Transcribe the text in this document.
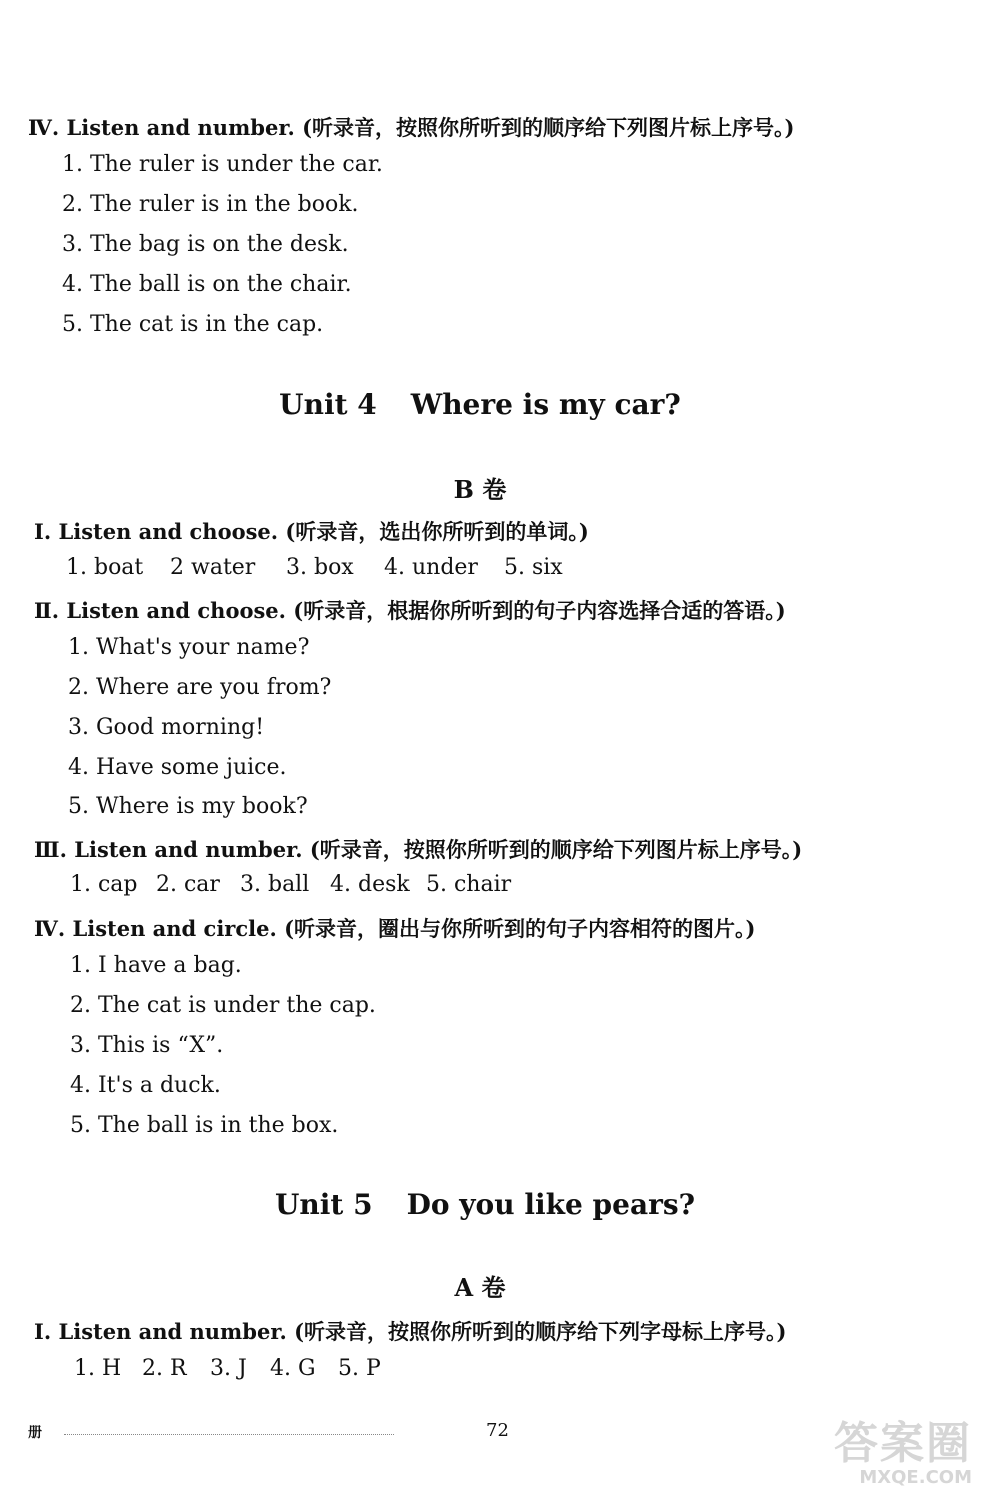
Ⅳ. Listen and number. (听录音，按照你所听到的顺序给下列图片标上序号。)
1. The ruler is under the car.
2. The ruler is in the book.
3. The bag is on the desk.
4. The ball is on the chair.
5. The cat is in the cap.
Unit 4 Where is my car?
B 卷
Ⅰ. Listen and choose. (听录音，选出你所听到的单词。)
1. boat 2 water 3. box 4. under 5. six
Ⅱ. Listen and choose. (听录音，根据你所听到的句子内容选择合适的答语。)
1. What's your name?
2. Where are you from?
3. Good morning!
4. Have some juice.
5. Where is my book?
Ⅲ. Listen and number. (听录音，按照你所听到的顺序给下列图片标上序号。)
1. cap 2. car 3. ball 4. desk 5. chair
Ⅳ. Listen and circle. (听录音，圈出与你所听到的句子内容相符的图片。)
1. I have a bag.
2. The cat is under the cap.
3. This is “X”.
4. It's a duck.
5. The ball is in the box.
Unit 5 Do you like pears?
A 卷
Ⅰ. Listen and number. (听录音，按照你所听到的顺序给下列字母标上序号。)
1. H 2. R 3. J 4. G 5. P
册	72	答案圈
MXQE.COM
